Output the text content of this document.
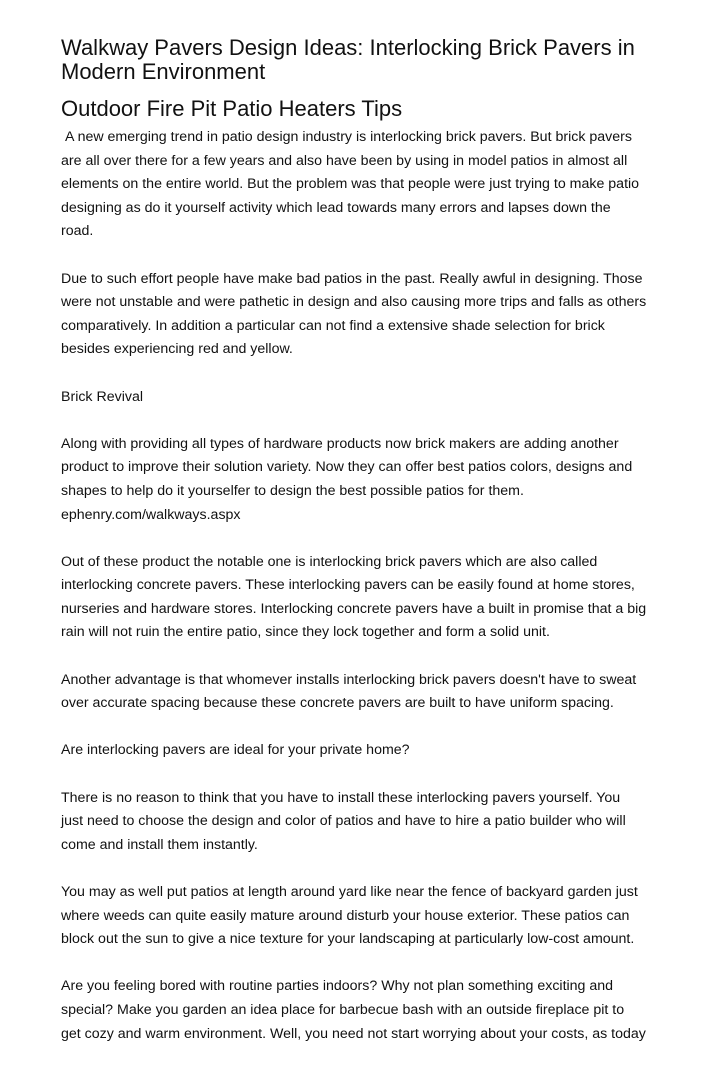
Walkway Pavers Design Ideas: Interlocking Brick Pavers in Modern Environment
Outdoor Fire Pit Patio Heaters Tips

A new emerging trend in patio design industry is interlocking brick pavers. But brick pavers
are all over there for a few years and also have been by using in model patios in almost all
elements on the entire world. But the problem was that people were just trying to make patio
designing as do it yourself activity which lead towards many errors and lapses down the
road.

Due to such effort people have make bad patios in the past. Really awful in designing. Those
were not unstable and were pathetic in design and also causing more trips and falls as others
comparatively. In addition a particular can not find a extensive shade selection for brick
besides experiencing red and yellow.

Brick Revival

Along with providing all types of hardware products now brick makers are adding another
product to improve their solution variety. Now they can offer best patios colors, designs and
shapes to help do it yourselfer to design the best possible patios for them.
ephenry.com/walkways.aspx

Out of these product the notable one is interlocking brick pavers which are also called
interlocking concrete pavers. These interlocking pavers can be easily found at home stores,
nurseries and hardware stores. Interlocking concrete pavers have a built in promise that a big
rain will not ruin the entire patio, since they lock together and form a solid unit.

Another advantage is that whomever installs interlocking brick pavers doesn't have to sweat
over accurate spacing because these concrete pavers are built to have uniform spacing.

Are interlocking pavers are ideal for your private home?

There is no reason to think that you have to install these interlocking pavers yourself. You
just need to choose the design and color of patios and have to hire a patio builder who will
come and install them instantly.

You may as well put patios at length around yard like near the fence of backyard garden just
where weeds can quite easily mature around disturb your house exterior. These patios can
block out the sun to give a nice texture for your landscaping at particularly low-cost amount.

Are you feeling bored with routine parties indoors? Why not plan something exciting and
special? Make you garden an idea place for barbecue bash with an outside fireplace pit to
get cozy and warm environment. Well, you need not start worrying about your costs, as today
